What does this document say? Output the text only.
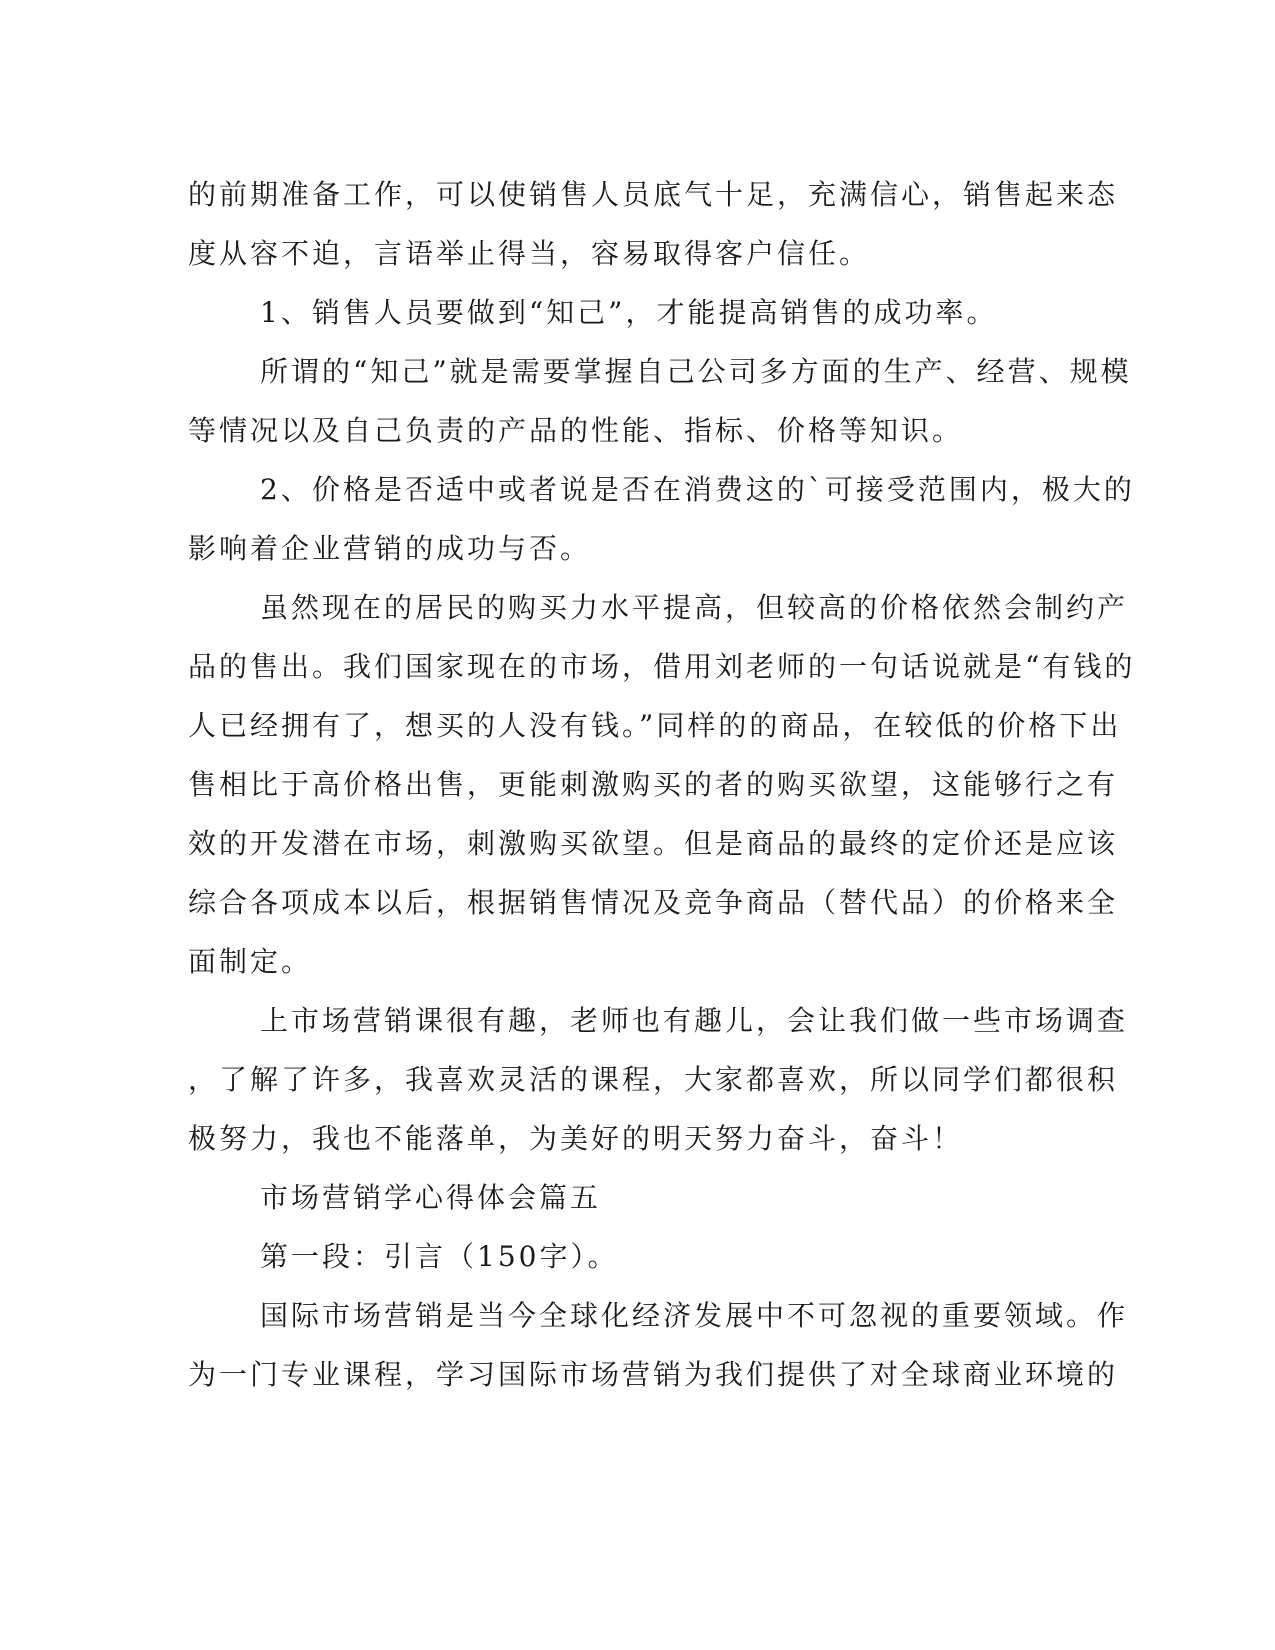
的前期准备工作，可以使销售人员底气十足，充满信心，销售起来态
度从容不迫，言语举止得当，容易取得客户信任。
1、销售人员要做到“知己”，才能提高销售的成功率。
所谓的“知己”就是需要掌握自己公司多方面的生产、经营、规模
等情况以及自己负责的产品的性能、指标、价格等知识。
2、价格是否适中或者说是否在消费这的`可接受范围内，极大的
影响着企业营销的成功与否。
虽然现在的居民的购买力水平提高，但较高的价格依然会制约产
品的售出。我们国家现在的市场，借用刘老师的一句话说就是“有钱的
人已经拥有了，想买的人没有钱。”同样的的商品，在较低的价格下出
售相比于高价格出售，更能刺激购买的者的购买欲望，这能够行之有
效的开发潜在市场，刺激购买欲望。但是商品的最终的定价还是应该
综合各项成本以后，根据销售情况及竞争商品（替代品）的价格来全
面制定。
上市场营销课很有趣，老师也有趣儿，会让我们做一些市场调查
，了解了许多，我喜欢灵活的课程，大家都喜欢，所以同学们都很积
极努力，我也不能落单，为美好的明天努力奋斗，奋斗！
市场营销学心得体会篇五
第一段：引言（150字）。
国际市场营销是当今全球化经济发展中不可忽视的重要领域。作
为一门专业课程，学习国际市场营销为我们提供了对全球商业环境的
